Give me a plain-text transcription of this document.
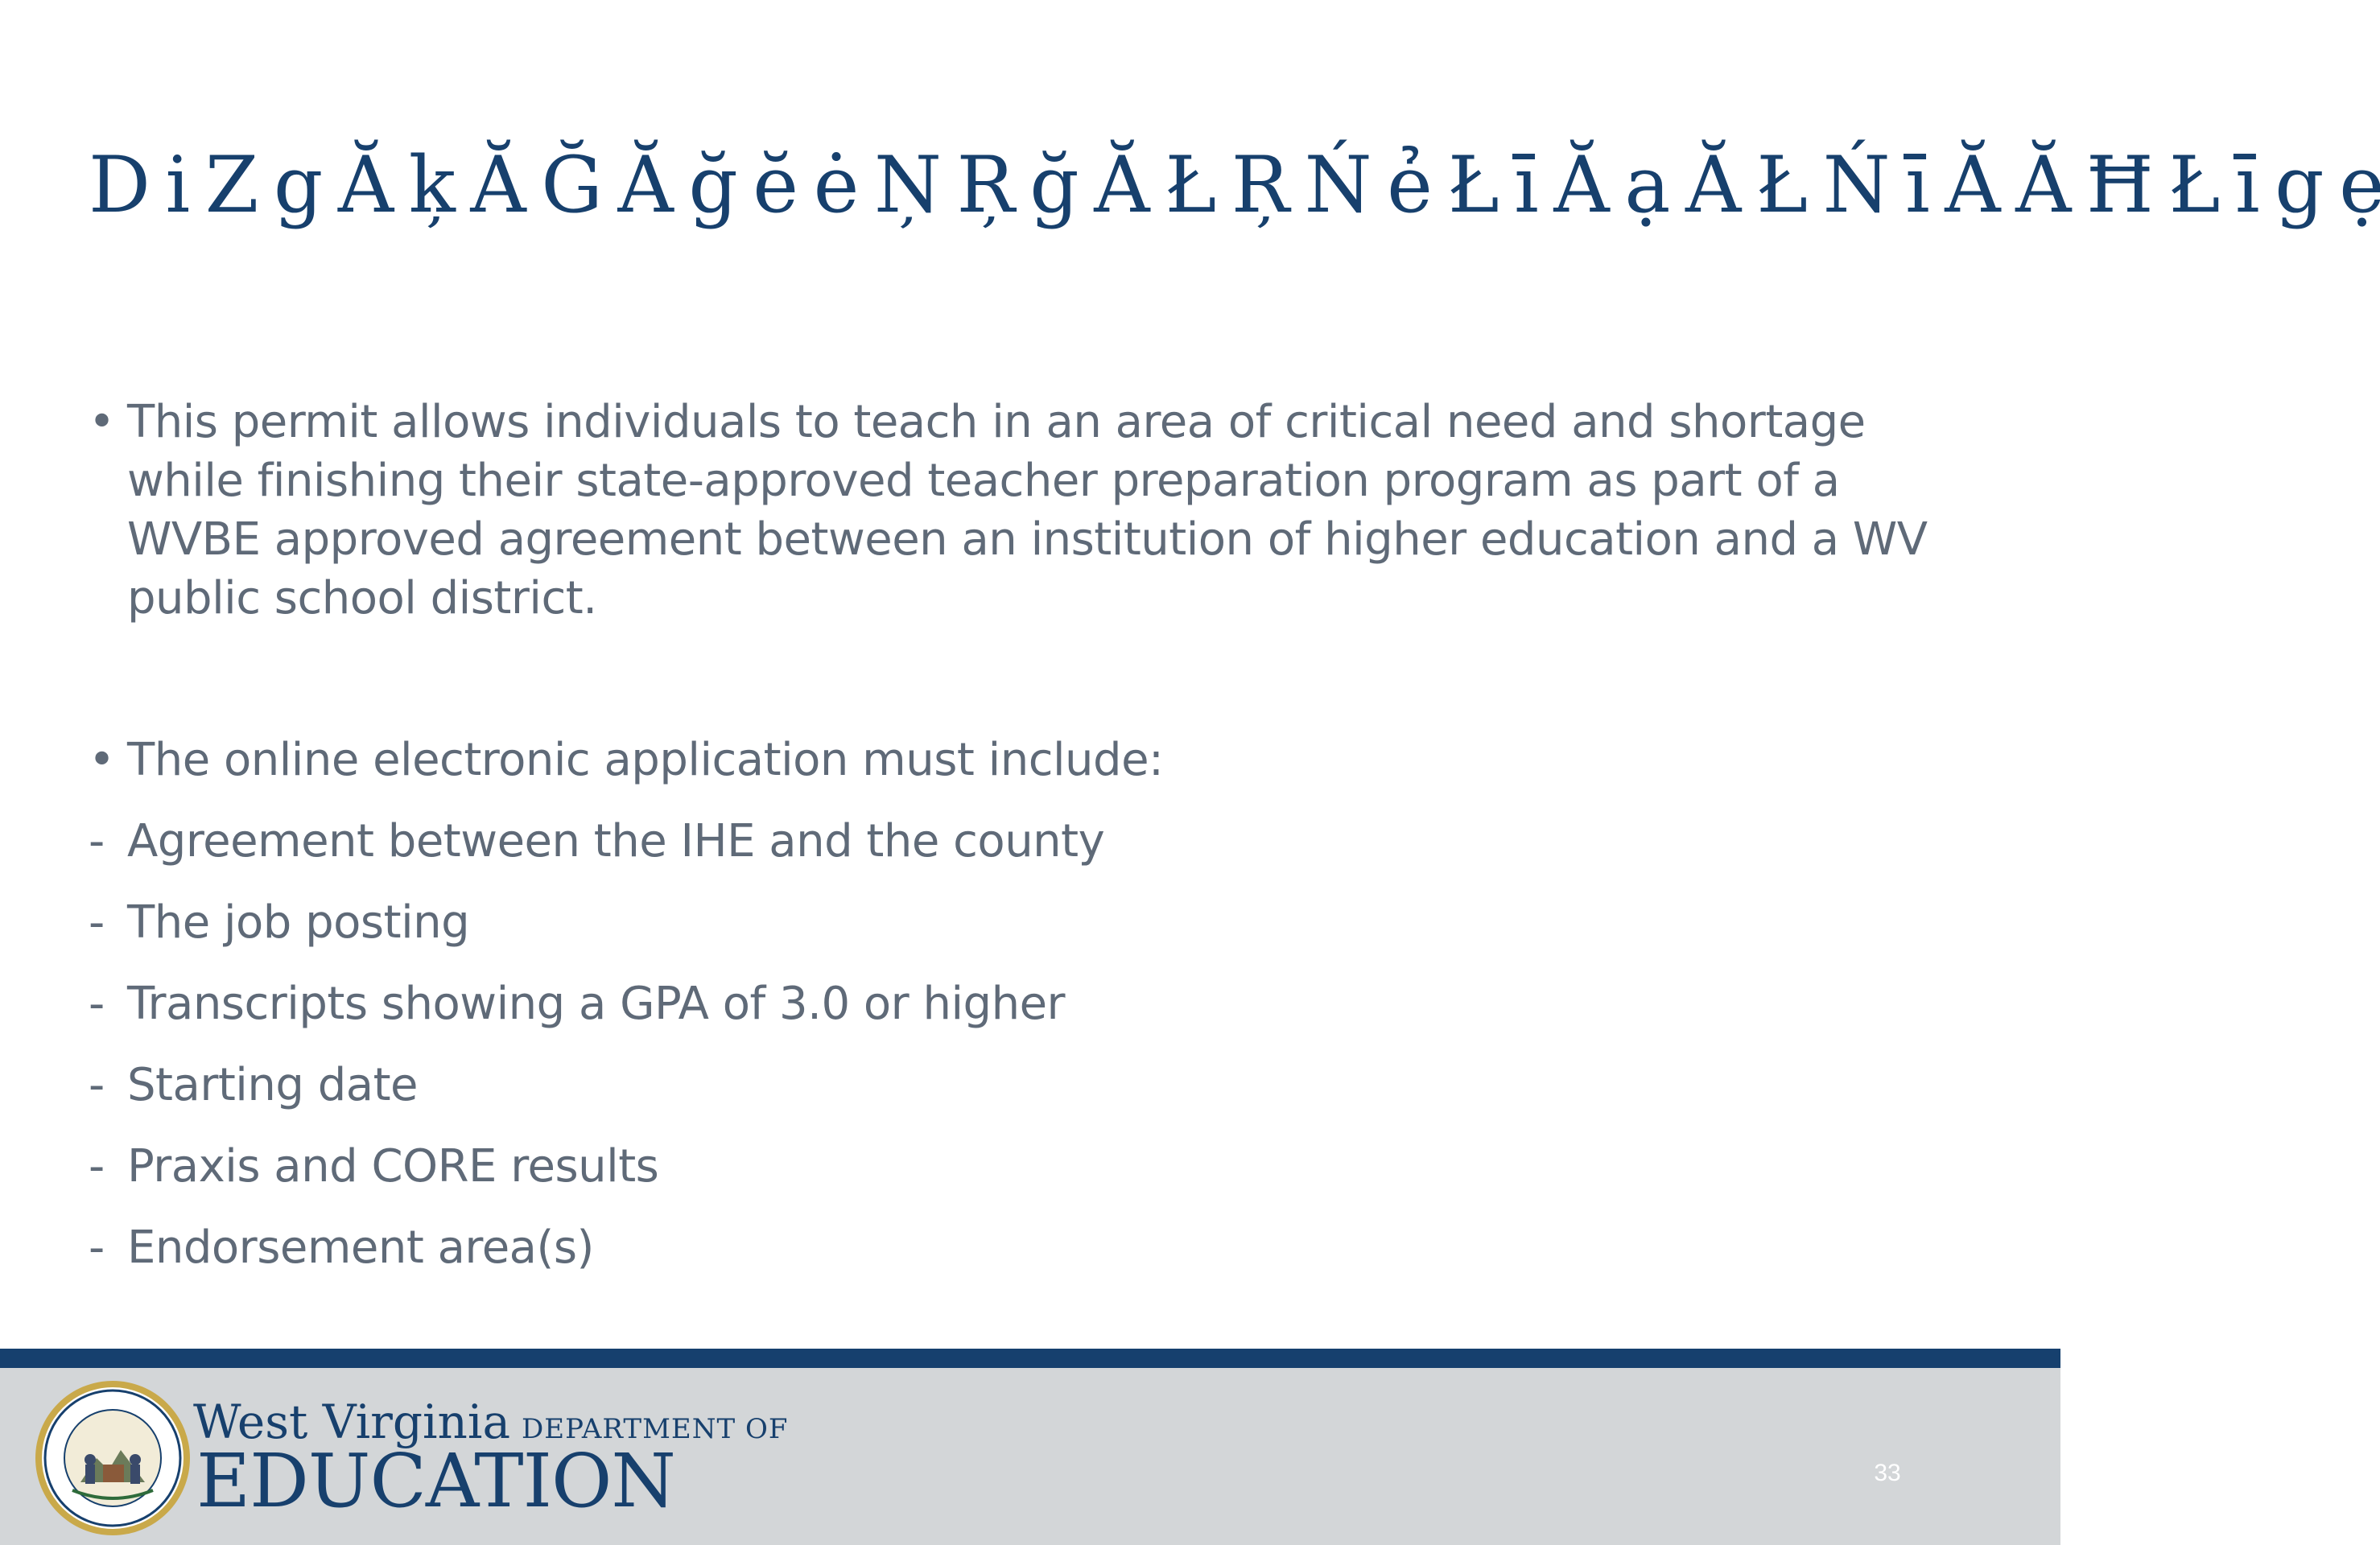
D i Z g Ă ķ Ă Ğ Ă ğ ĕ ė Ņ Ŗ ğ Ă Ł Ŗ Ń ẻ Ł ī Ă ạ Ă Ł Ń ī Ă Ă Ħ Ł ī g ẹ
• This permit allows individuals to teach in an area of critical need and shortage while finishing their state-approved teacher preparation program as part of a WVBE approved agreement between an institution of higher education and a WV public school district.
• The online electronic application must include:
- Agreement between the IHE and the county
- The job posting
- Transcripts showing a GPA of 3.0 or higher
- Starting date
- Praxis and CORE results
- Endorsement area(s)
West Virginia DEPARTMENT OF
EDUCATION	33
